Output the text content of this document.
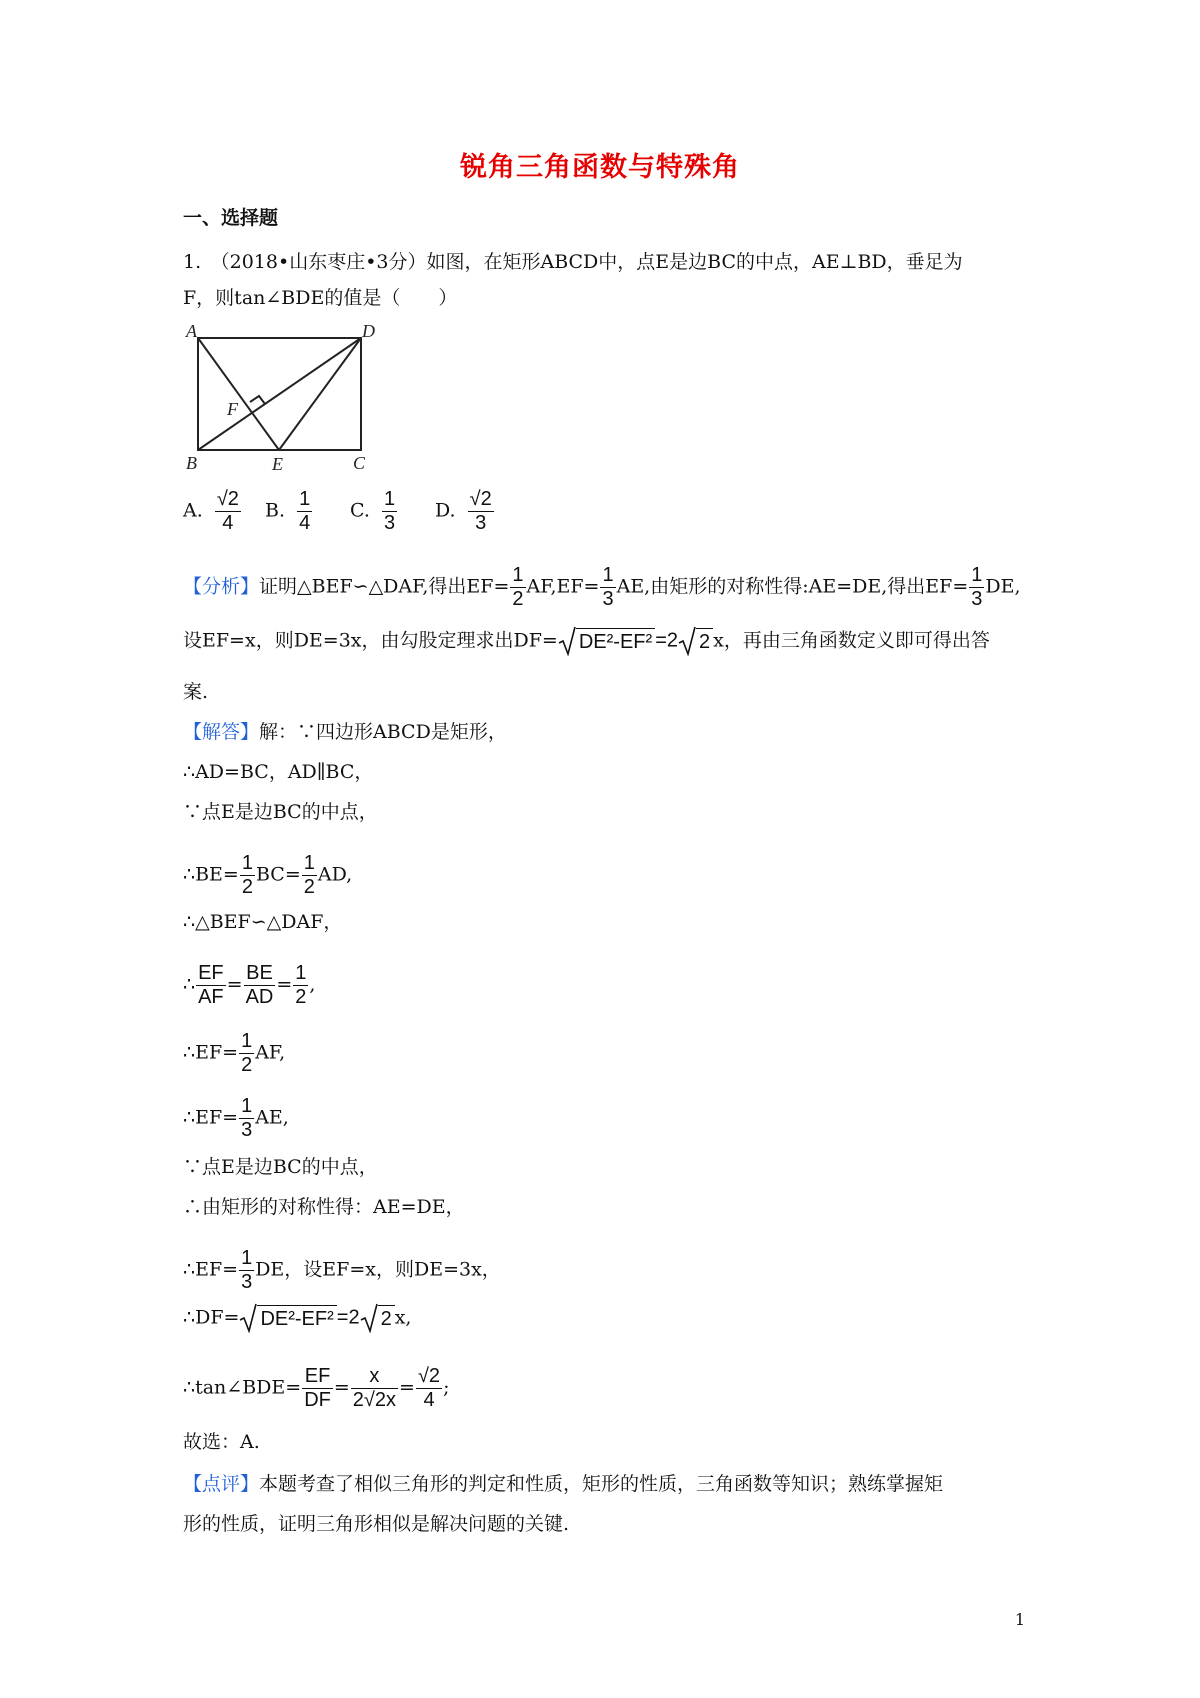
锐角三角函数与特殊角
一、选择题
1.　（2018•山东枣庄•3分）如图，在矩形ABCD中，点E是边BC的中点，AE⊥BD，垂足为
F，则tan∠BDE的值是（　　）
A	D
B	E	C
F
A. $\frac{√2}{4} B$. $\frac{1}{4} C$. $\frac{1}{3} D$. $\frac{√2}{3}$
【分析】证明△BEF∽△DAF,得出$EF= \frac{1}{2} AF,EF= \frac{1}{3}$ AE,由矩形的对称性得:AE=DE,得出$EF= \frac{1}{3}$ DE,
设EF=x，则DE=3x，由勾股定理求出DF= DE²-EF² =2 2 x，再由三角函数定义即可得出答
案.
【解答】解：∵四边形ABCD是矩形，
∴AD=BC，AD∥BC，
∵点E是边BC的中点，
∴BE= $\frac{1}{2} BC= \frac{1}{2}$ AD,
∴△BEF∽△DAF，
∴ $\frac{EF}{AF} = \frac{BE}{AD} = \frac{1}{2}$ ,
∴EF= $\frac{1}{2}$ AF,
∴EF= $\frac{1}{3}$ AE,
∵点E是边BC的中点，
∴由矩形的对称性得：AE=DE，
∴EF= $\frac{1}{3}$ DE，设EF=x，则DE=3x，
∴DF= DE²-EF² =2 2 x,
∴tan∠BDE= $\frac{EF}{DF} = \frac{x}{2√2x} = \frac{√2}{4}$ ;
故选：A.
【点评】本题考查了相似三角形的判定和性质，矩形的性质，三角函数等知识；熟练掌握矩
形的性质，证明三角形相似是解决问题的关键.
1
